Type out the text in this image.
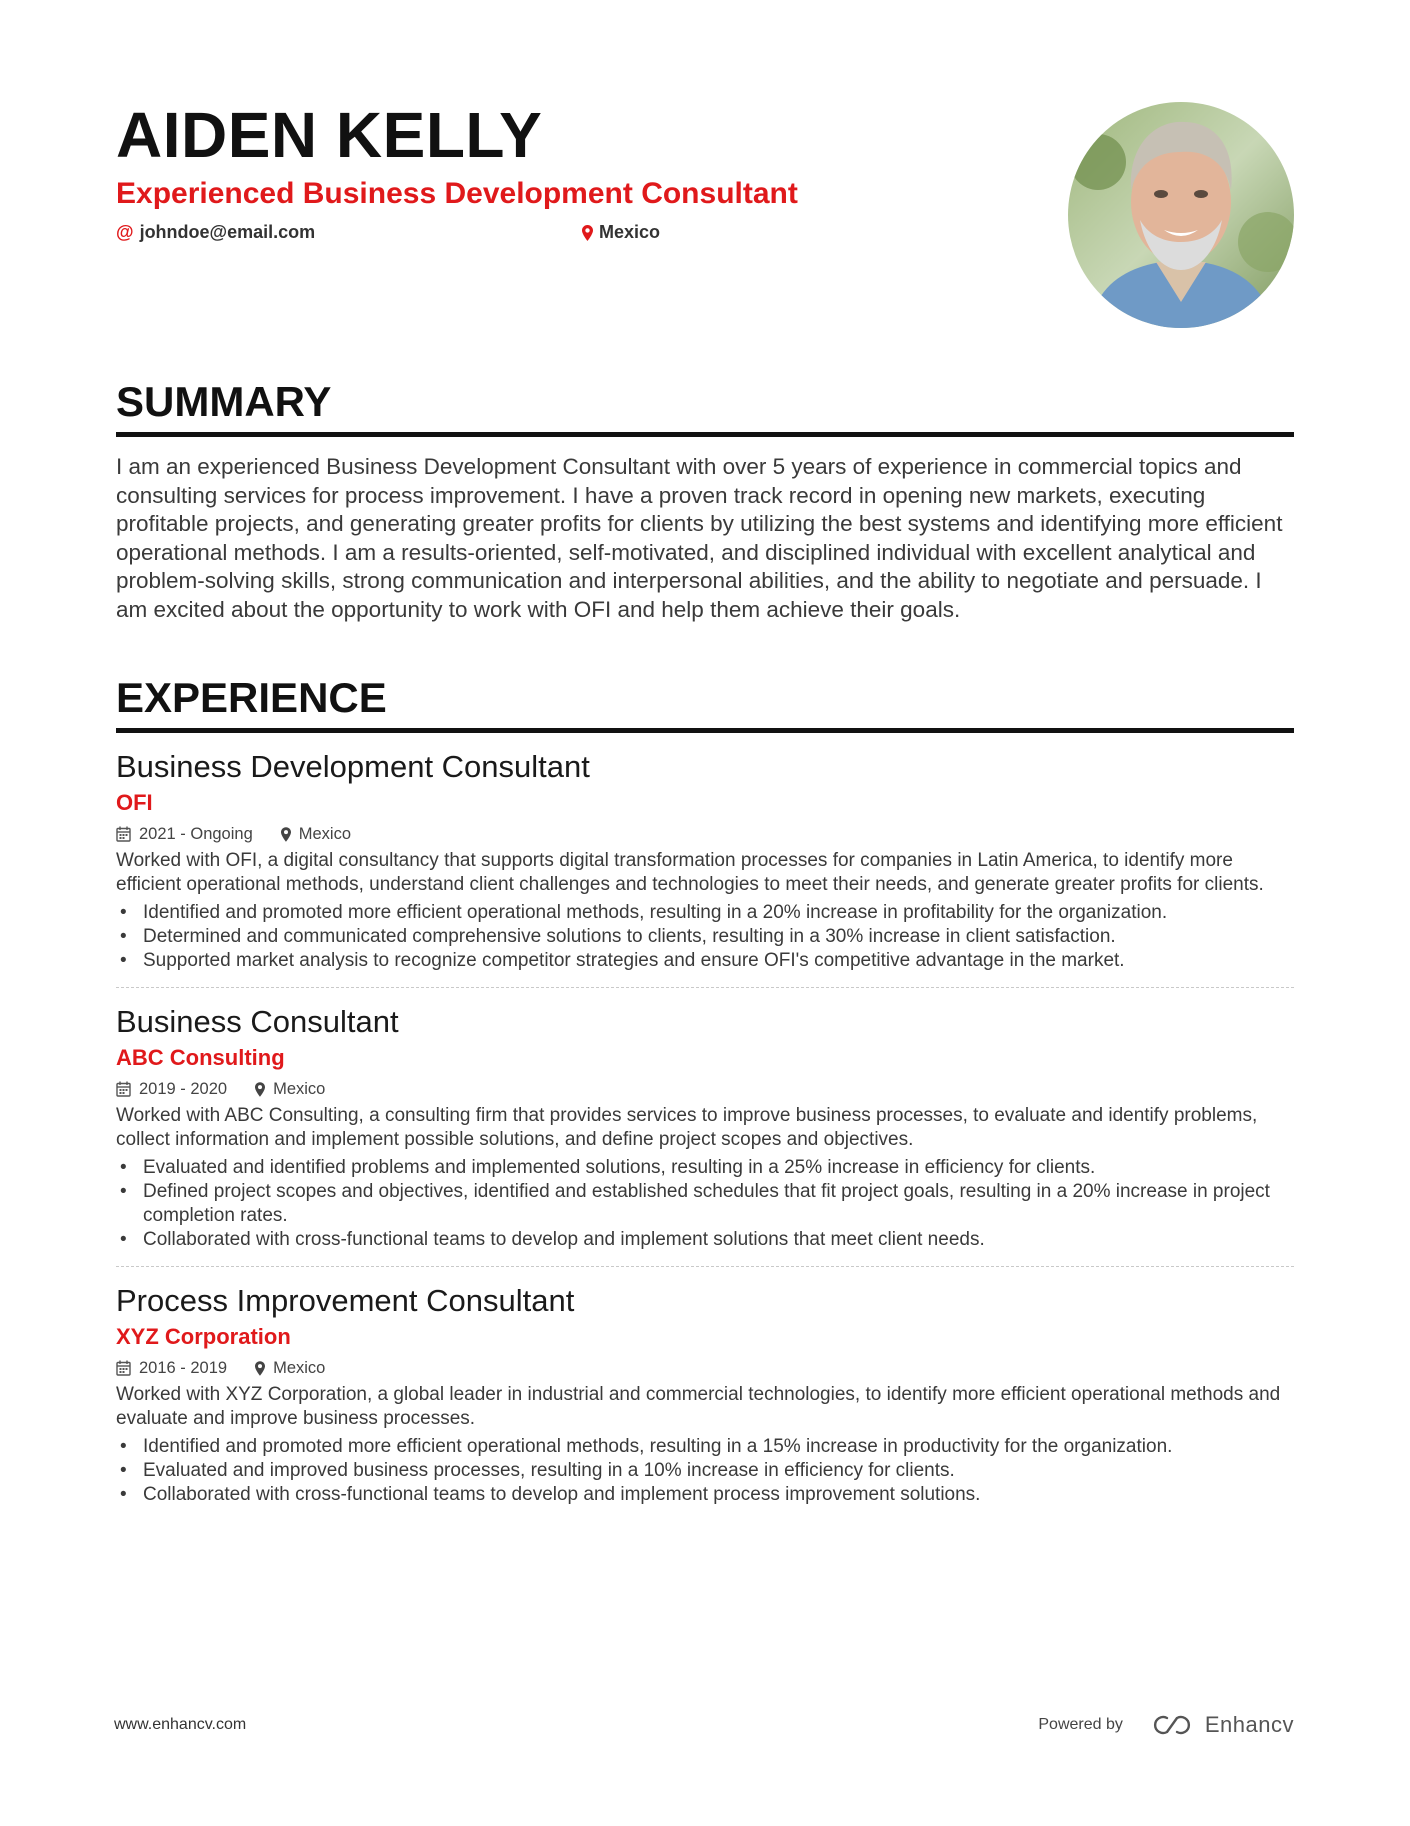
AIDEN KELLY
Experienced Business Development Consultant
@ johndoe@email.com	Mexico
SUMMARY
I am an experienced Business Development Consultant with over 5 years of experience in commercial topics and consulting services for process improvement. I have a proven track record in opening new markets, executing profitable projects, and generating greater profits for clients by utilizing the best systems and identifying more efficient operational methods. I am a results-oriented, self-motivated, and disciplined individual with excellent analytical and problem-solving skills, strong communication and interpersonal abilities, and the ability to negotiate and persuade. I am excited about the opportunity to work with OFI and help them achieve their goals.
EXPERIENCE
Business Development Consultant
OFI
2021 - Ongoing	Mexico
Worked with OFI, a digital consultancy that supports digital transformation processes for companies in Latin America, to identify more efficient operational methods, understand client challenges and technologies to meet their needs, and generate greater profits for clients.
• Identified and promoted more efficient operational methods, resulting in a 20% increase in profitability for the organization.
• Determined and communicated comprehensive solutions to clients, resulting in a 30% increase in client satisfaction.
• Supported market analysis to recognize competitor strategies and ensure OFI's competitive advantage in the market.
Business Consultant
ABC Consulting
2019 - 2020	Mexico
Worked with ABC Consulting, a consulting firm that provides services to improve business processes, to evaluate and identify problems, collect information and implement possible solutions, and define project scopes and objectives.
• Evaluated and identified problems and implemented solutions, resulting in a 25% increase in efficiency for clients.
• Defined project scopes and objectives, identified and established schedules that fit project goals, resulting in a 20% increase in project completion rates.
• Collaborated with cross-functional teams to develop and implement solutions that meet client needs.
Process Improvement Consultant
XYZ Corporation
2016 - 2019	Mexico
Worked with XYZ Corporation, a global leader in industrial and commercial technologies, to identify more efficient operational methods and evaluate and improve business processes.
• Identified and promoted more efficient operational methods, resulting in a 15% increase in productivity for the organization.
• Evaluated and improved business processes, resulting in a 10% increase in efficiency for clients.
• Collaborated with cross-functional teams to develop and implement process improvement solutions.
www.enhancv.com	Powered by	Enhancv
